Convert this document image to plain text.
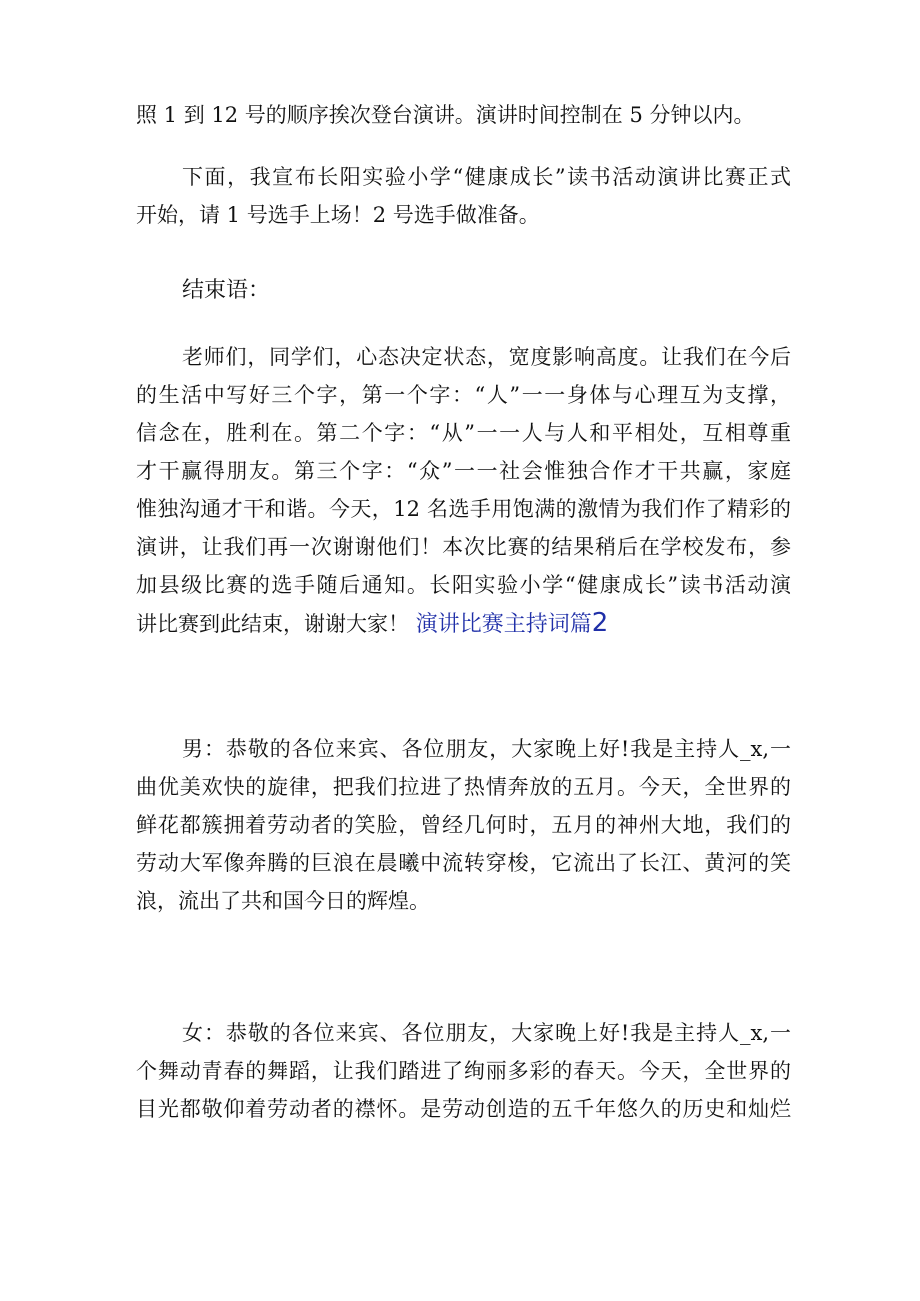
照 1 到 12 号的顺序挨次登台演讲。演讲时间控制在 5 分钟以内。
下面，我宣布长阳实验小学“健康成长”读书活动演讲比赛正式
开始，请 1 号选手上场！2 号选手做准备。
结束语：
老师们，同学们，心态决定状态，宽度影响高度。让我们在今后
的生活中写好三个字，第一个字：“人”一一身体与心理互为支撑，
信念在，胜利在。第二个字：“从”一一人与人和平相处，互相尊重
才干赢得朋友。第三个字：“众”一一社会惟独合作才干共赢，家庭
惟独沟通才干和谐。今天，12 名选手用饱满的激情为我们作了精彩的
演讲，让我们再一次谢谢他们！本次比赛的结果稍后在学校发布，参
加县级比赛的选手随后通知。长阳实验小学“健康成长”读书活动演
讲比赛到此结束，谢谢大家！ 演讲比赛主持词篇2
男：恭敬的各位来宾、各位朋友，大家晚上好!我是主持人_x,一
曲优美欢快的旋律，把我们拉进了热情奔放的五月。今天，全世界的
鲜花都簇拥着劳动者的笑脸，曾经几何时，五月的神州大地，我们的
劳动大军像奔腾的巨浪在晨曦中流转穿梭，它流出了长江、黄河的笑
浪，流出了共和国今日的辉煌。
女：恭敬的各位来宾、各位朋友，大家晚上好!我是主持人_x,一
个舞动青春的舞蹈，让我们踏进了绚丽多彩的春天。今天，全世界的
目光都敬仰着劳动者的襟怀。是劳动创造的五千年悠久的历史和灿烂
